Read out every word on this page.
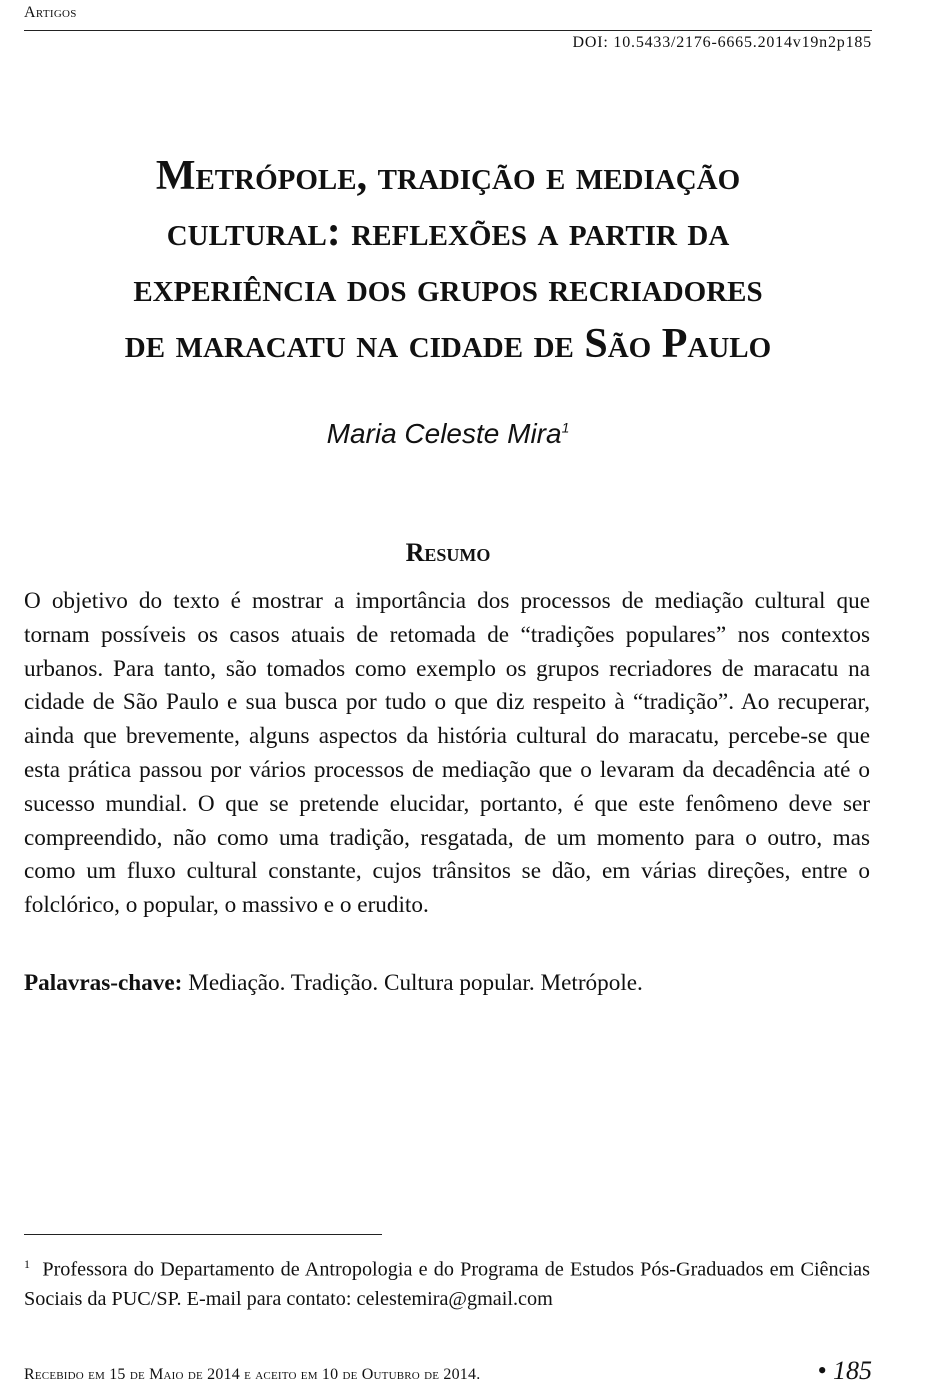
Artigos
DOI: 10.5433/2176-6665.2014v19n2p185
Metrópole, tradição e mediação
cultural: reflexões a partir da
experiência dos grupos recriadores
de maracatu na cidade de São Paulo
Maria Celeste Mira$^1$
Resumo
O objetivo do texto é mostrar a importância dos processos de mediação cultural que tornam possíveis os casos atuais de retomada de “tradições populares” nos contextos urbanos. Para tanto, são tomados como exemplo os grupos recriadores de maracatu na cidade de São Paulo e sua busca por tudo o que diz respeito à “tradição”. Ao recuperar, ainda que brevemente, alguns aspectos da história cultural do maracatu, percebe-se que esta prática passou por vários processos de mediação que o levaram da decadência até o sucesso mundial. O que se pretende elucidar, portanto, é que este fenômeno deve ser compreendido, não como uma tradição, resgatada, de um momento para o outro, mas como um fluxo cultural constante, cujos trânsitos se dão, em várias direções, entre o folclórico, o popular, o massivo e o erudito.
Palavras-chave: Mediação. Tradição. Cultura popular. Metrópole.
$^1$ Professora do Departamento de Antropologia e do Programa de Estudos Pós-Graduados em Ciências Sociais da PUC/SP. E-mail para contato: celestemira@gmail.com
Recebido em 15 de Maio de 2014 e aceito em 10 de Outubro de 2014.	• 185
